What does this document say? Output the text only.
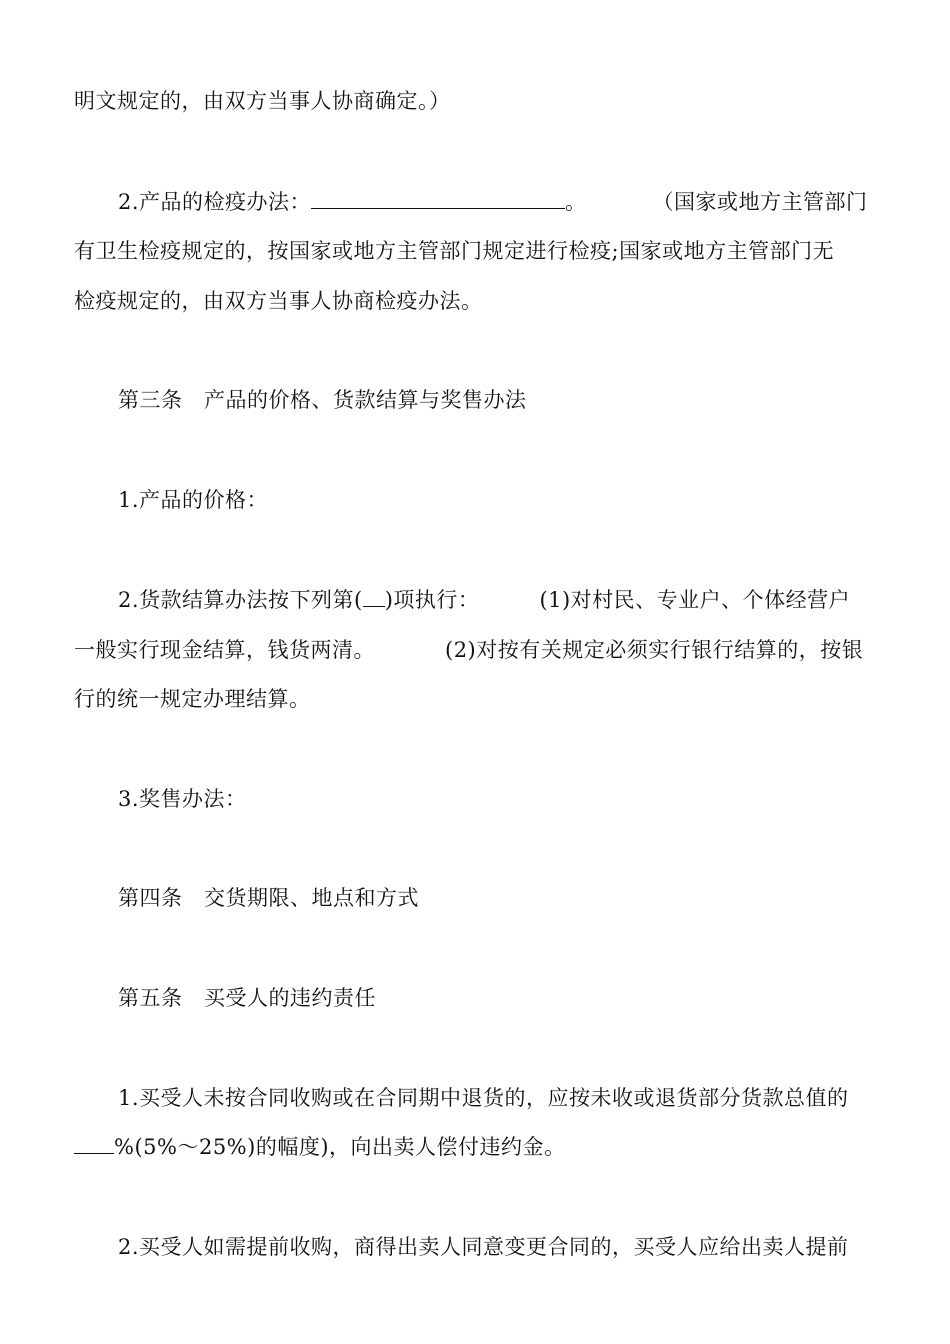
明文规定的，由双方当事人协商确定。）
2.产品的检疫办法：	。	（国家或地方主管部门
有卫生检疫规定的，按国家或地方主管部门规定进行检疫;国家或地方主管部门无
检疫规定的，由双方当事人协商检疫办法。
第三条　产品的价格、货款结算与奖售办法
1.产品的价格：
2.货款结算办法按下列第( )项执行：	(1)对村民、专业户、个体经营户
一般实行现金结算，钱货两清。	(2)对按有关规定必须实行银行结算的，按银
行的统一规定办理结算。
3.奖售办法：
第四条　交货期限、地点和方式
第五条　买受人的违约责任
1.买受人未按合同收购或在合同期中退货的，应按未收或退货部分货款总值的
%(5%～25%)的幅度)，向出卖人偿付违约金。
2.买受人如需提前收购，商得出卖人同意变更合同的，买受人应给出卖人提前
